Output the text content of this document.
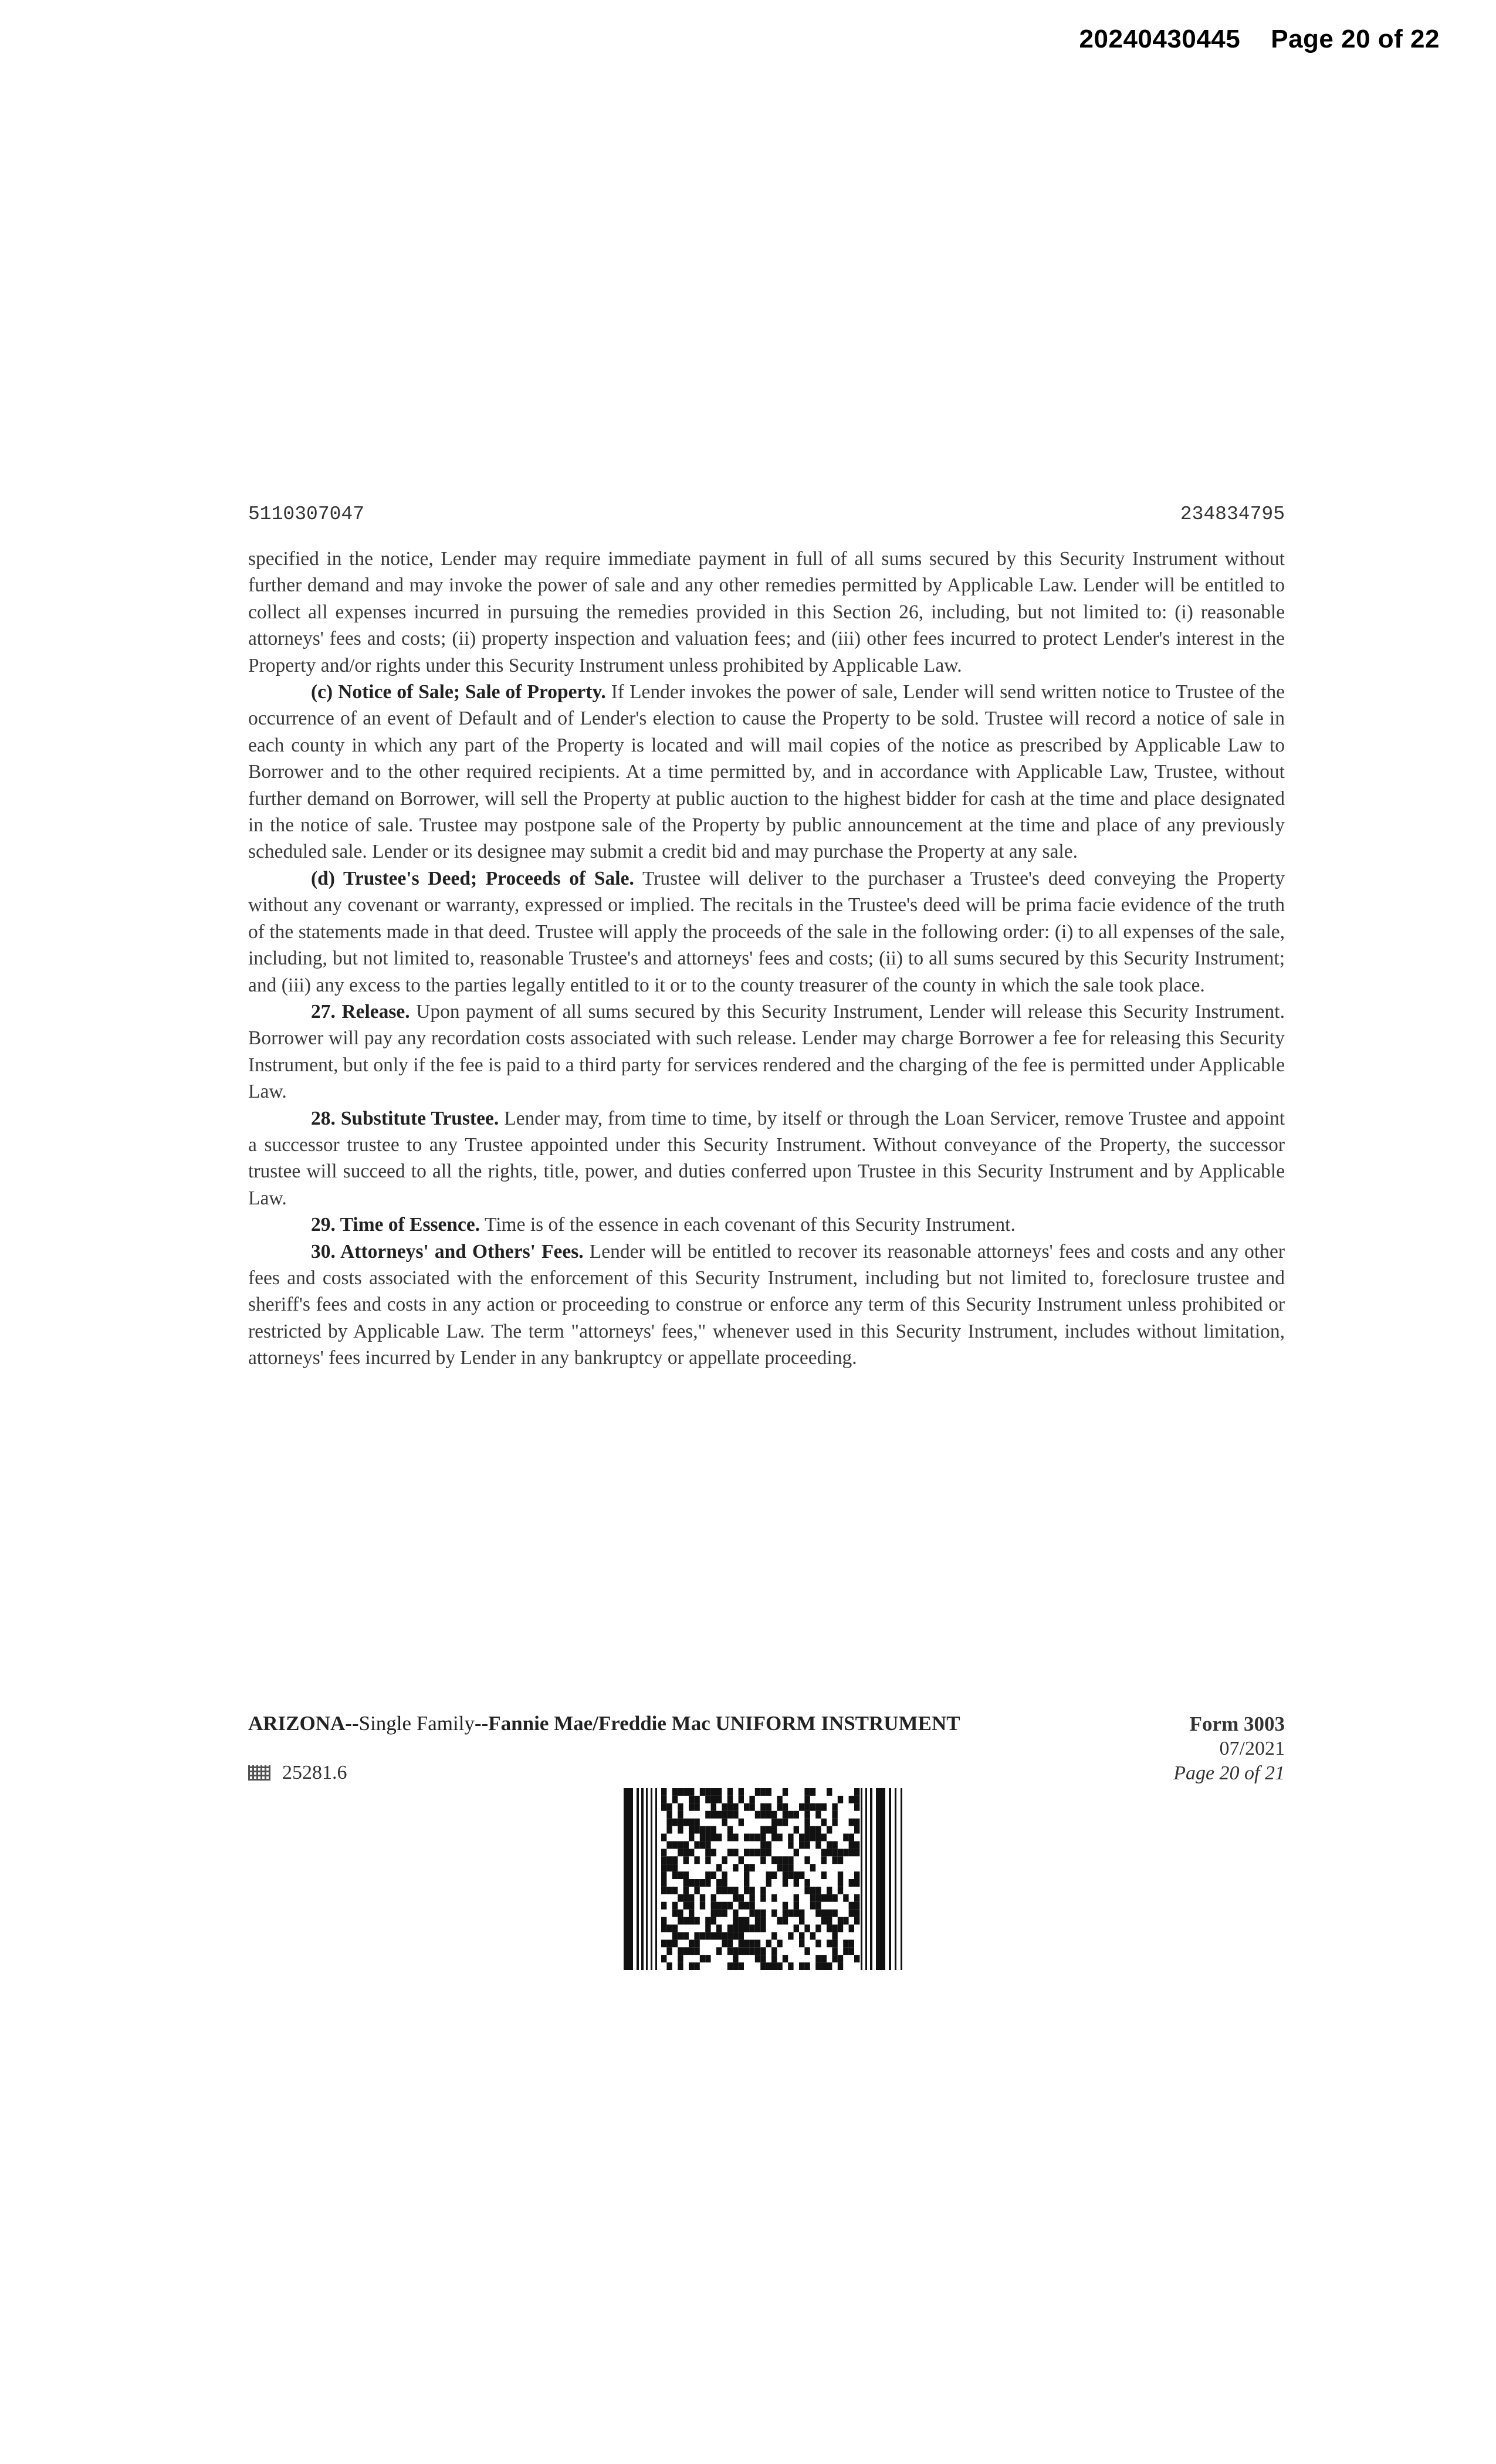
20240430445 Page 20 of 22
5110307047	234834795

specified in the notice, Lender may require immediate payment in full of all sums secured by this Security Instrument without further demand and may invoke the power of sale and any other remedies permitted by Applicable Law. Lender will be entitled to collect all expenses incurred in pursuing the remedies provided in this Section 26, including, but not limited to: (i) reasonable attorneys' fees and costs; (ii) property inspection and valuation fees; and (iii) other fees incurred to protect Lender's interest in the Property and/or rights under this Security Instrument unless prohibited by Applicable Law.

(c) Notice of Sale; Sale of Property. If Lender invokes the power of sale, Lender will send written notice to Trustee of the occurrence of an event of Default and of Lender's election to cause the Property to be sold. Trustee will record a notice of sale in each county in which any part of the Property is located and will mail copies of the notice as prescribed by Applicable Law to Borrower and to the other required recipients. At a time permitted by, and in accordance with Applicable Law, Trustee, without further demand on Borrower, will sell the Property at public auction to the highest bidder for cash at the time and place designated in the notice of sale. Trustee may postpone sale of the Property by public announcement at the time and place of any previously scheduled sale. Lender or its designee may submit a credit bid and may purchase the Property at any sale.

(d) Trustee's Deed; Proceeds of Sale. Trustee will deliver to the purchaser a Trustee's deed conveying the Property without any covenant or warranty, expressed or implied. The recitals in the Trustee's deed will be prima facie evidence of the truth of the statements made in that deed. Trustee will apply the proceeds of the sale in the following order: (i) to all expenses of the sale, including, but not limited to, reasonable Trustee's and attorneys' fees and costs; (ii) to all sums secured by this Security Instrument; and (iii) any excess to the parties legally entitled to it or to the county treasurer of the county in which the sale took place.

27. Release. Upon payment of all sums secured by this Security Instrument, Lender will release this Security Instrument. Borrower will pay any recordation costs associated with such release. Lender may charge Borrower a fee for releasing this Security Instrument, but only if the fee is paid to a third party for services rendered and the charging of the fee is permitted under Applicable Law.

28. Substitute Trustee. Lender may, from time to time, by itself or through the Loan Servicer, remove Trustee and appoint a successor trustee to any Trustee appointed under this Security Instrument. Without conveyance of the Property, the successor trustee will succeed to all the rights, title, power, and duties conferred upon Trustee in this Security Instrument and by Applicable Law.

29. Time of Essence. Time is of the essence in each covenant of this Security Instrument.

30. Attorneys' and Others' Fees. Lender will be entitled to recover its reasonable attorneys' fees and costs and any other fees and costs associated with the enforcement of this Security Instrument, including but not limited to, foreclosure trustee and sheriff's fees and costs in any action or proceeding to construe or enforce any term of this Security Instrument unless prohibited or restricted by Applicable Law. The term "attorneys' fees," whenever used in this Security Instrument, includes without limitation, attorneys' fees incurred by Lender in any bankruptcy or appellate proceeding.

ARIZONA--Single Family--Fannie Mae/Freddie Mac UNIFORM INSTRUMENT
25281.6
Form 3003
07/2021
Page 20 of 21
